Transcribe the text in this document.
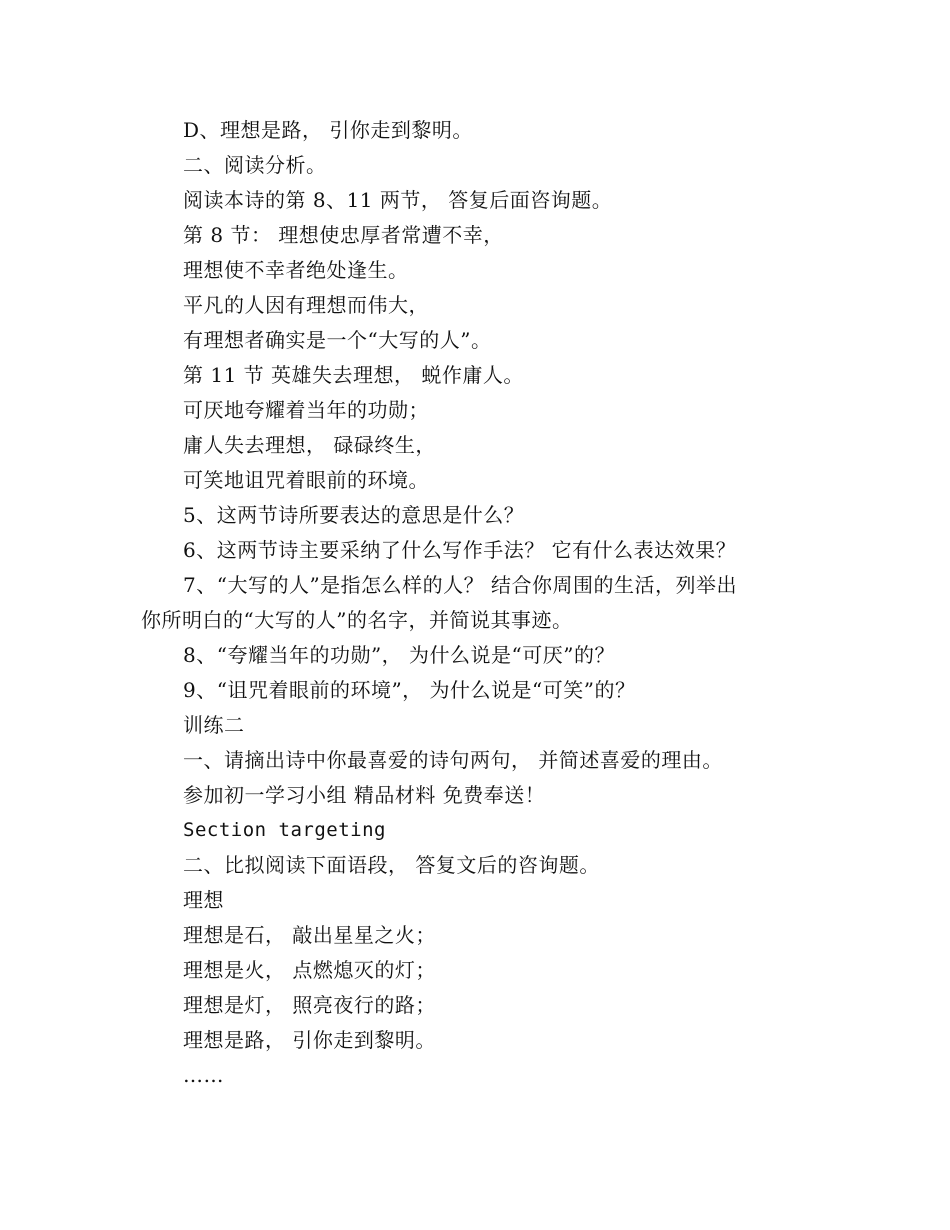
D、理想是路， 引你走到黎明。
二、阅读分析。
阅读本诗的第 8、11 两节， 答复后面咨询题。
第 8 节： 理想使忠厚者常遭不幸，
理想使不幸者绝处逢生。
平凡的人因有理想而伟大，
有理想者确实是一个“大写的人”。
第 11 节 英雄失去理想， 蜕作庸人。
可厌地夸耀着当年的功勋；
庸人失去理想， 碌碌终生，
可笑地诅咒着眼前的环境。
5、这两节诗所要表达的意思是什么？
6、这两节诗主要采纳了什么写作手法？ 它有什么表达效果？
7、“大写的人”是指怎么样的人？ 结合你周围的生活，列举出
你所明白的“大写的人”的名字，并简说其事迹。
8、“夸耀当年的功勋”， 为什么说是“可厌”的？
9、“诅咒着眼前的环境”， 为什么说是“可笑”的？
训练二
一、请摘出诗中你最喜爱的诗句两句， 并简述喜爱的理由。
参加初一学习小组 精品材料 免费奉送！
Section targeting
二、比拟阅读下面语段， 答复文后的咨询题。
理想
理想是石， 敲出星星之火；
理想是火， 点燃熄灭的灯；
理想是灯， 照亮夜行的路；
理想是路， 引你走到黎明。
……
